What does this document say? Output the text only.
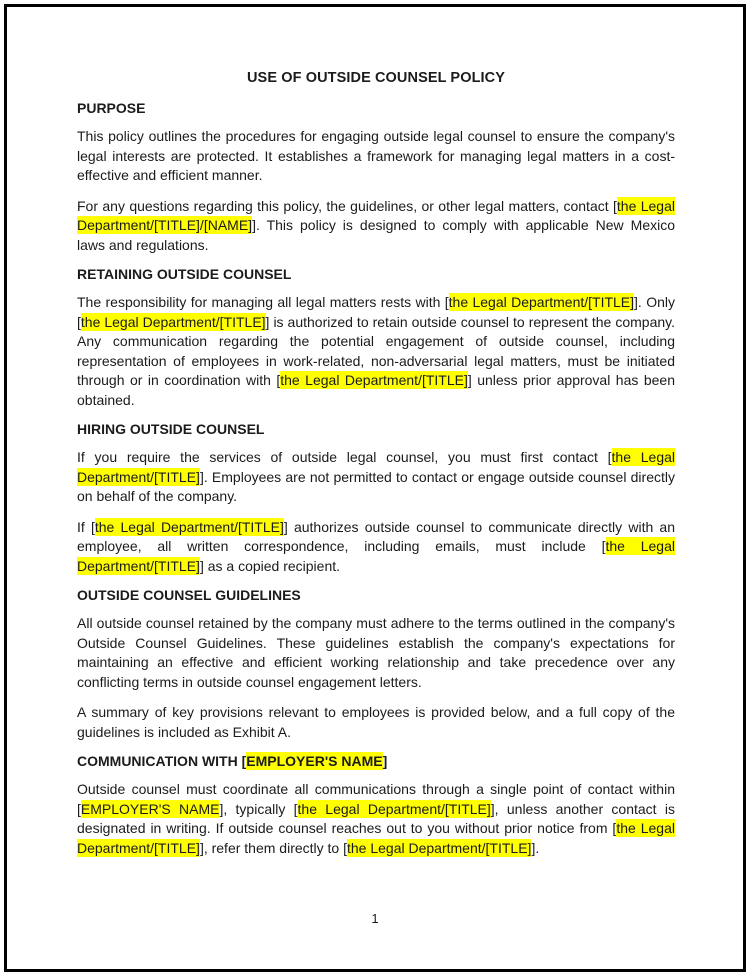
USE OF OUTSIDE COUNSEL POLICY
PURPOSE

This policy outlines the procedures for engaging outside legal counsel to ensure the company's legal interests are protected. It establishes a framework for managing legal matters in a cost-effective and efficient manner.

For any questions regarding this policy, the guidelines, or other legal matters, contact [the Legal Department/[TITLE]/[NAME]]. This policy is designed to comply with applicable New Mexico laws and regulations.

RETAINING OUTSIDE COUNSEL

The responsibility for managing all legal matters rests with [the Legal Department/[TITLE]]. Only [the Legal Department/[TITLE]] is authorized to retain outside counsel to represent the company. Any communication regarding the potential engagement of outside counsel, including representation of employees in work-related, non-adversarial legal matters, must be initiated through or in coordination with [the Legal Department/[TITLE]] unless prior approval has been obtained.

HIRING OUTSIDE COUNSEL

If you require the services of outside legal counsel, you must first contact [the Legal Department/[TITLE]]. Employees are not permitted to contact or engage outside counsel directly on behalf of the company.

If [the Legal Department/[TITLE]] authorizes outside counsel to communicate directly with an employee, all written correspondence, including emails, must include [the Legal Department/[TITLE]] as a copied recipient.

OUTSIDE COUNSEL GUIDELINES

All outside counsel retained by the company must adhere to the terms outlined in the company's Outside Counsel Guidelines. These guidelines establish the company's expectations for maintaining an effective and efficient working relationship and take precedence over any conflicting terms in outside counsel engagement letters.

A summary of key provisions relevant to employees is provided below, and a full copy of the guidelines is included as Exhibit A.

COMMUNICATION WITH [EMPLOYER'S NAME]

Outside counsel must coordinate all communications through a single point of contact within [EMPLOYER'S NAME], typically [the Legal Department/[TITLE]], unless another contact is designated in writing. If outside counsel reaches out to you without prior notice from [the Legal Department/[TITLE]], refer them directly to [the Legal Department/[TITLE]].

1
